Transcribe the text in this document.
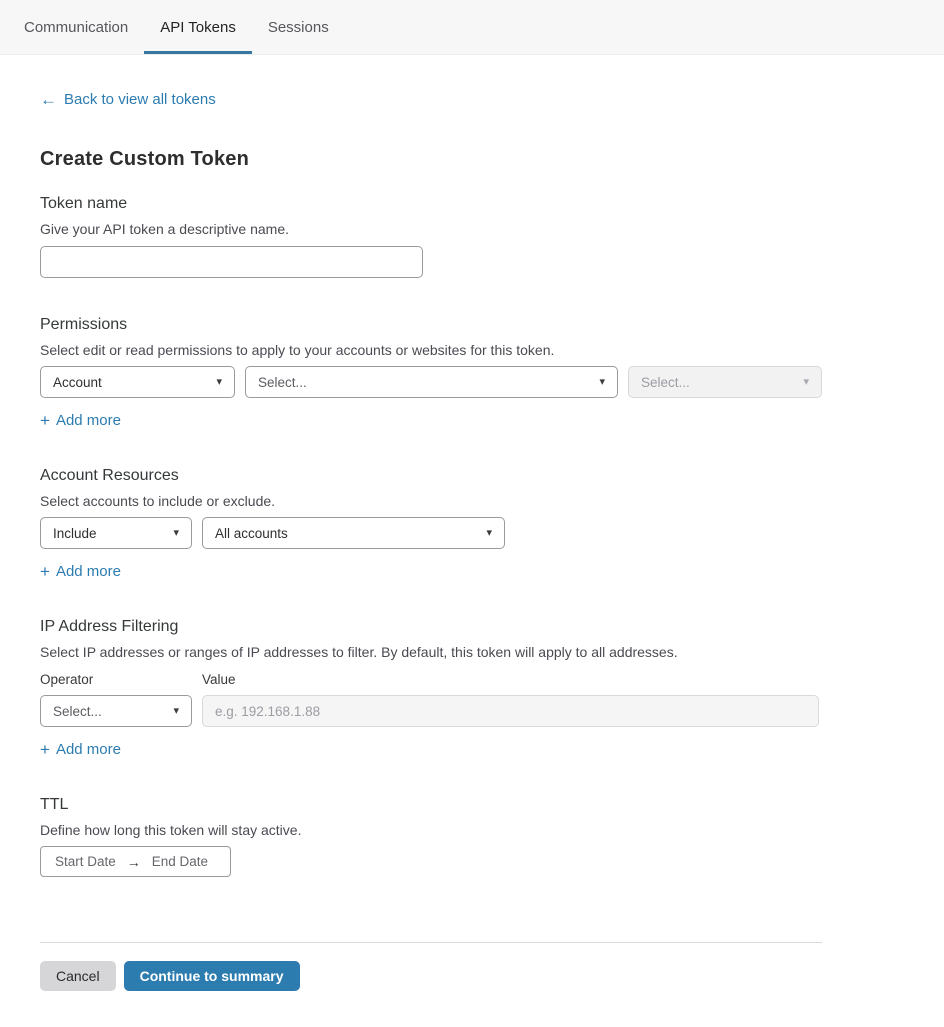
Communication	API Tokens	Sessions
← Back to view all tokens
Create Custom Token
Token name
Give your API token a descriptive name.
Permissions
Select edit or read permissions to apply to your accounts or websites for this token.
Account	▾	Select...	▾	Select...	▾
+ Add more
Account Resources
Select accounts to include or exclude.
Include	▾	All accounts	▾
+ Add more
IP Address Filtering
Select IP addresses or ranges of IP addresses to filter. By default, this token will apply to all addresses.
Operator	Value
Select...	▾
e.g. 192.168.1.88
+ Add more
TTL
Define how long this token will stay active.
Start Date → End Date
Cancel	Continue to summary
